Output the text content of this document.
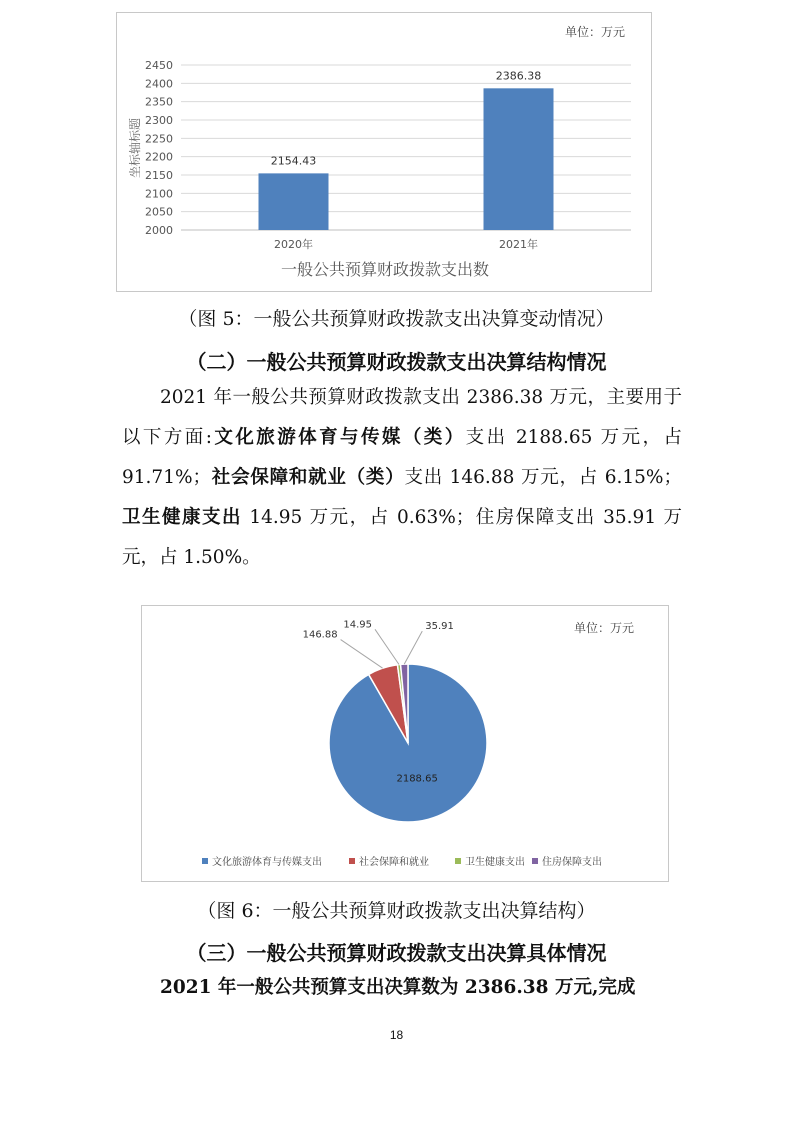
单位：万元
坐标轴标题
2000
2050
2100
2150
2200
2250
2300
2350
2400
2450
2154.43
2386.38
2020年	2021年
一般公共预算财政拨款支出数
（图 5：一般公共预算财政拨款支出决算变动情况）
（二）一般公共预算财政拨款支出决算结构情况
2021 年一般公共预算财政拨款支出 2386.38 万元，主要用于以下方面:文化旅游体育与传媒（类）支出 2188.65 万元，占 91.71%；社会保障和就业（类）支出 146.88 万元，占 6.15%；卫生健康支出 14.95 万元，占 0.63%；住房保障支出 35.91 万元，占 1.50%。
单位：万元
2188.65
146.88
14.95	35.91
文化旅游体育与传媒支出	社会保障和就业	卫生健康支出 住房保障支出
（图 6：一般公共预算财政拨款支出决算结构）
（三）一般公共预算财政拨款支出决算具体情况
2021 年一般公共预算支出决算数为 2386.38 万元,完成
18
